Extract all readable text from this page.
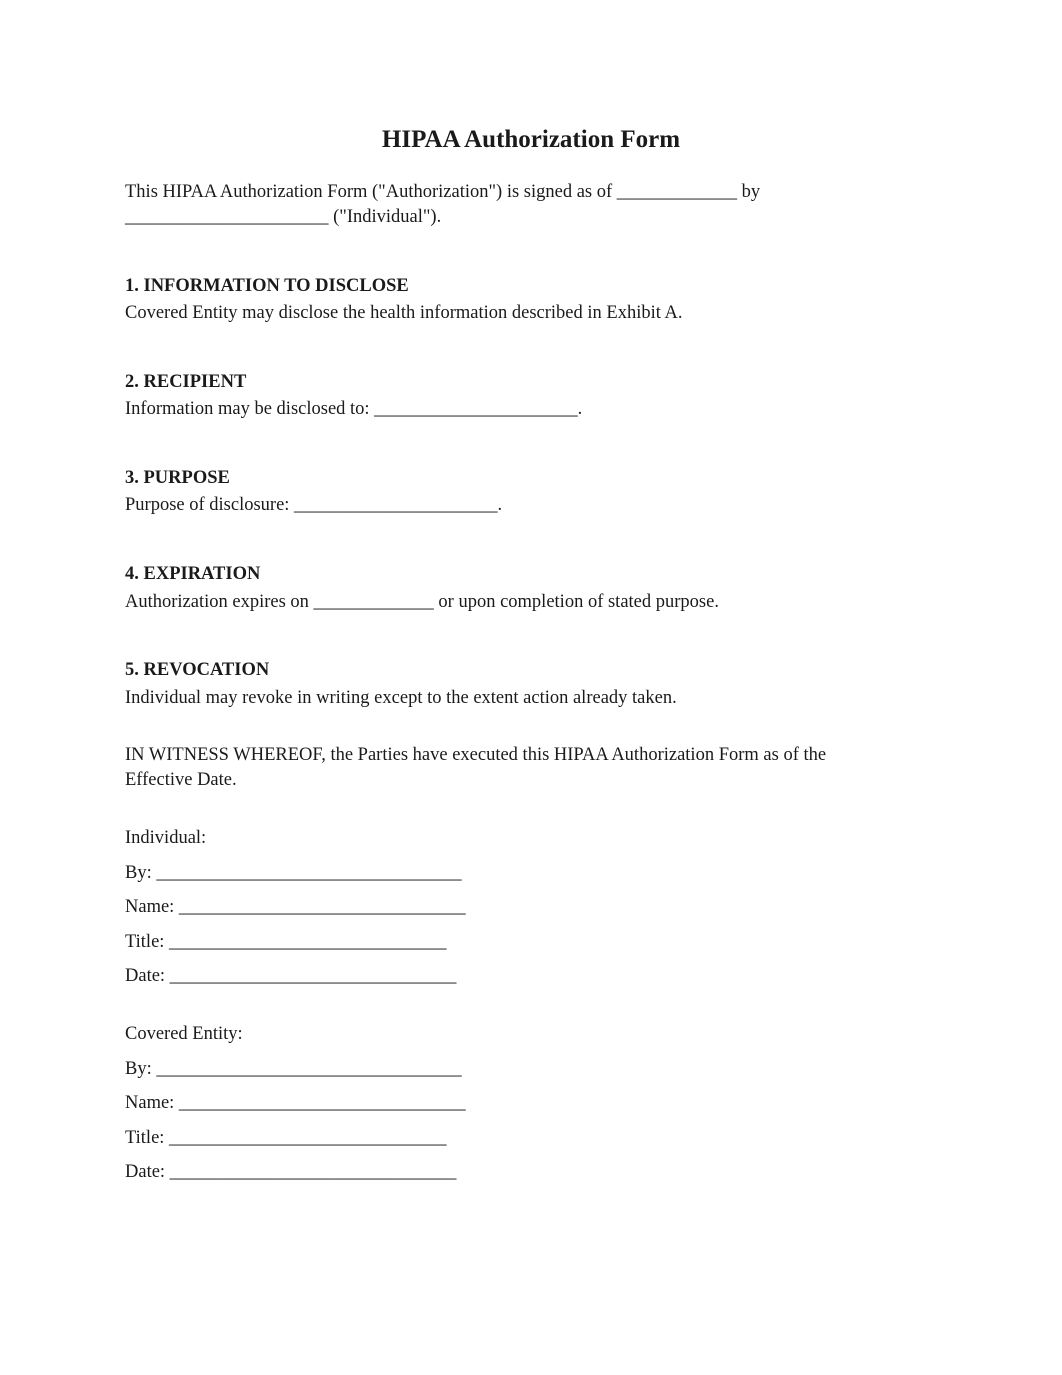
HIPAA Authorization Form
This HIPAA Authorization Form ("Authorization") is signed as of _____________ by
______________________ ("Individual").
1. INFORMATION TO DISCLOSE
Covered Entity may disclose the health information described in Exhibit A.
2. RECIPIENT
Information may be disclosed to: ______________________.
3. PURPOSE
Purpose of disclosure: ______________________.
4. EXPIRATION
Authorization expires on _____________ or upon completion of stated purpose.
5. REVOCATION
Individual may revoke in writing except to the extent action already taken.
IN WITNESS WHEREOF, the Parties have executed this HIPAA Authorization Form as of the
Effective Date.
Individual:
By: _________________________________
Name: _______________________________
Title: ______________________________
Date: _______________________________
Covered Entity:
By: _________________________________
Name: _______________________________
Title: ______________________________
Date: _______________________________
